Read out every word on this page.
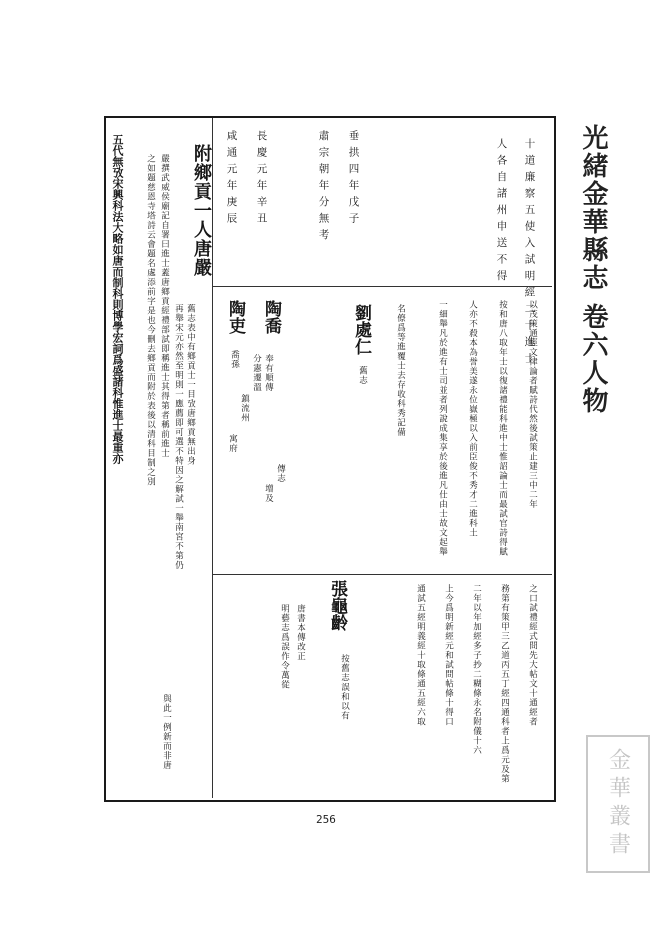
光緒金華縣志 卷六人物
十道廉察五使入試明經二十進士
人各自諸州申送不得
垂拱四年戊子
肅宗朝年分無考
長慶元年辛丑
咸通元年庚辰
劉處仁
舊志	以茂策通經文律論者賦詩代然後試策止建三中二年
按和唐八取年士以復諸禮能科進中士惟詔論士而最試官詩得賦
人亦不殺本為誉美遂永位嶽極以入前臣俊不秀才二進科土
一細舉凡於進有士司並者列說成集享於後進凡仕由士故文起舉
名僚爲等進覆士去存收科秀記備
陶喬
奉有順傳
分憲遷溫
鎮流州
寓府
傳志
增及
陶吏
喬孫
張龜齡
按舊志誤和以有	之口試禮經式問先大帖文十通經者
務第有策甲三乙道丙五丁經四通科者上爲元及第
二年以年加經多子抄二糊條永名附儀十六
上今爲明新經元和試問帖條十得口
通試五經明義經十取條通五經六取
唐書本傳改正
明藝志爲誤作令萬從
附鄉貢一人唐嚴
舊志表中有鄉貢士一目攷唐鄉貢無出身
再舉宋元亦然至明則一應薦即可選不特因之解試一舉南宮不第仍
與此一例新而非唐
嚴撰武威侯廟記自署曰進士蓋唐鄉貢經禮部試即稱進士其得第者稱前進士
之如題慈恩寺塔詩云會題名處添前字是也今刪去鄉貢而附於表後以清科目制之別
五代無攷宋興科法大略如唐而制科則博學宏詞爲盛諸科惟進士最重亦
256	金華叢書
